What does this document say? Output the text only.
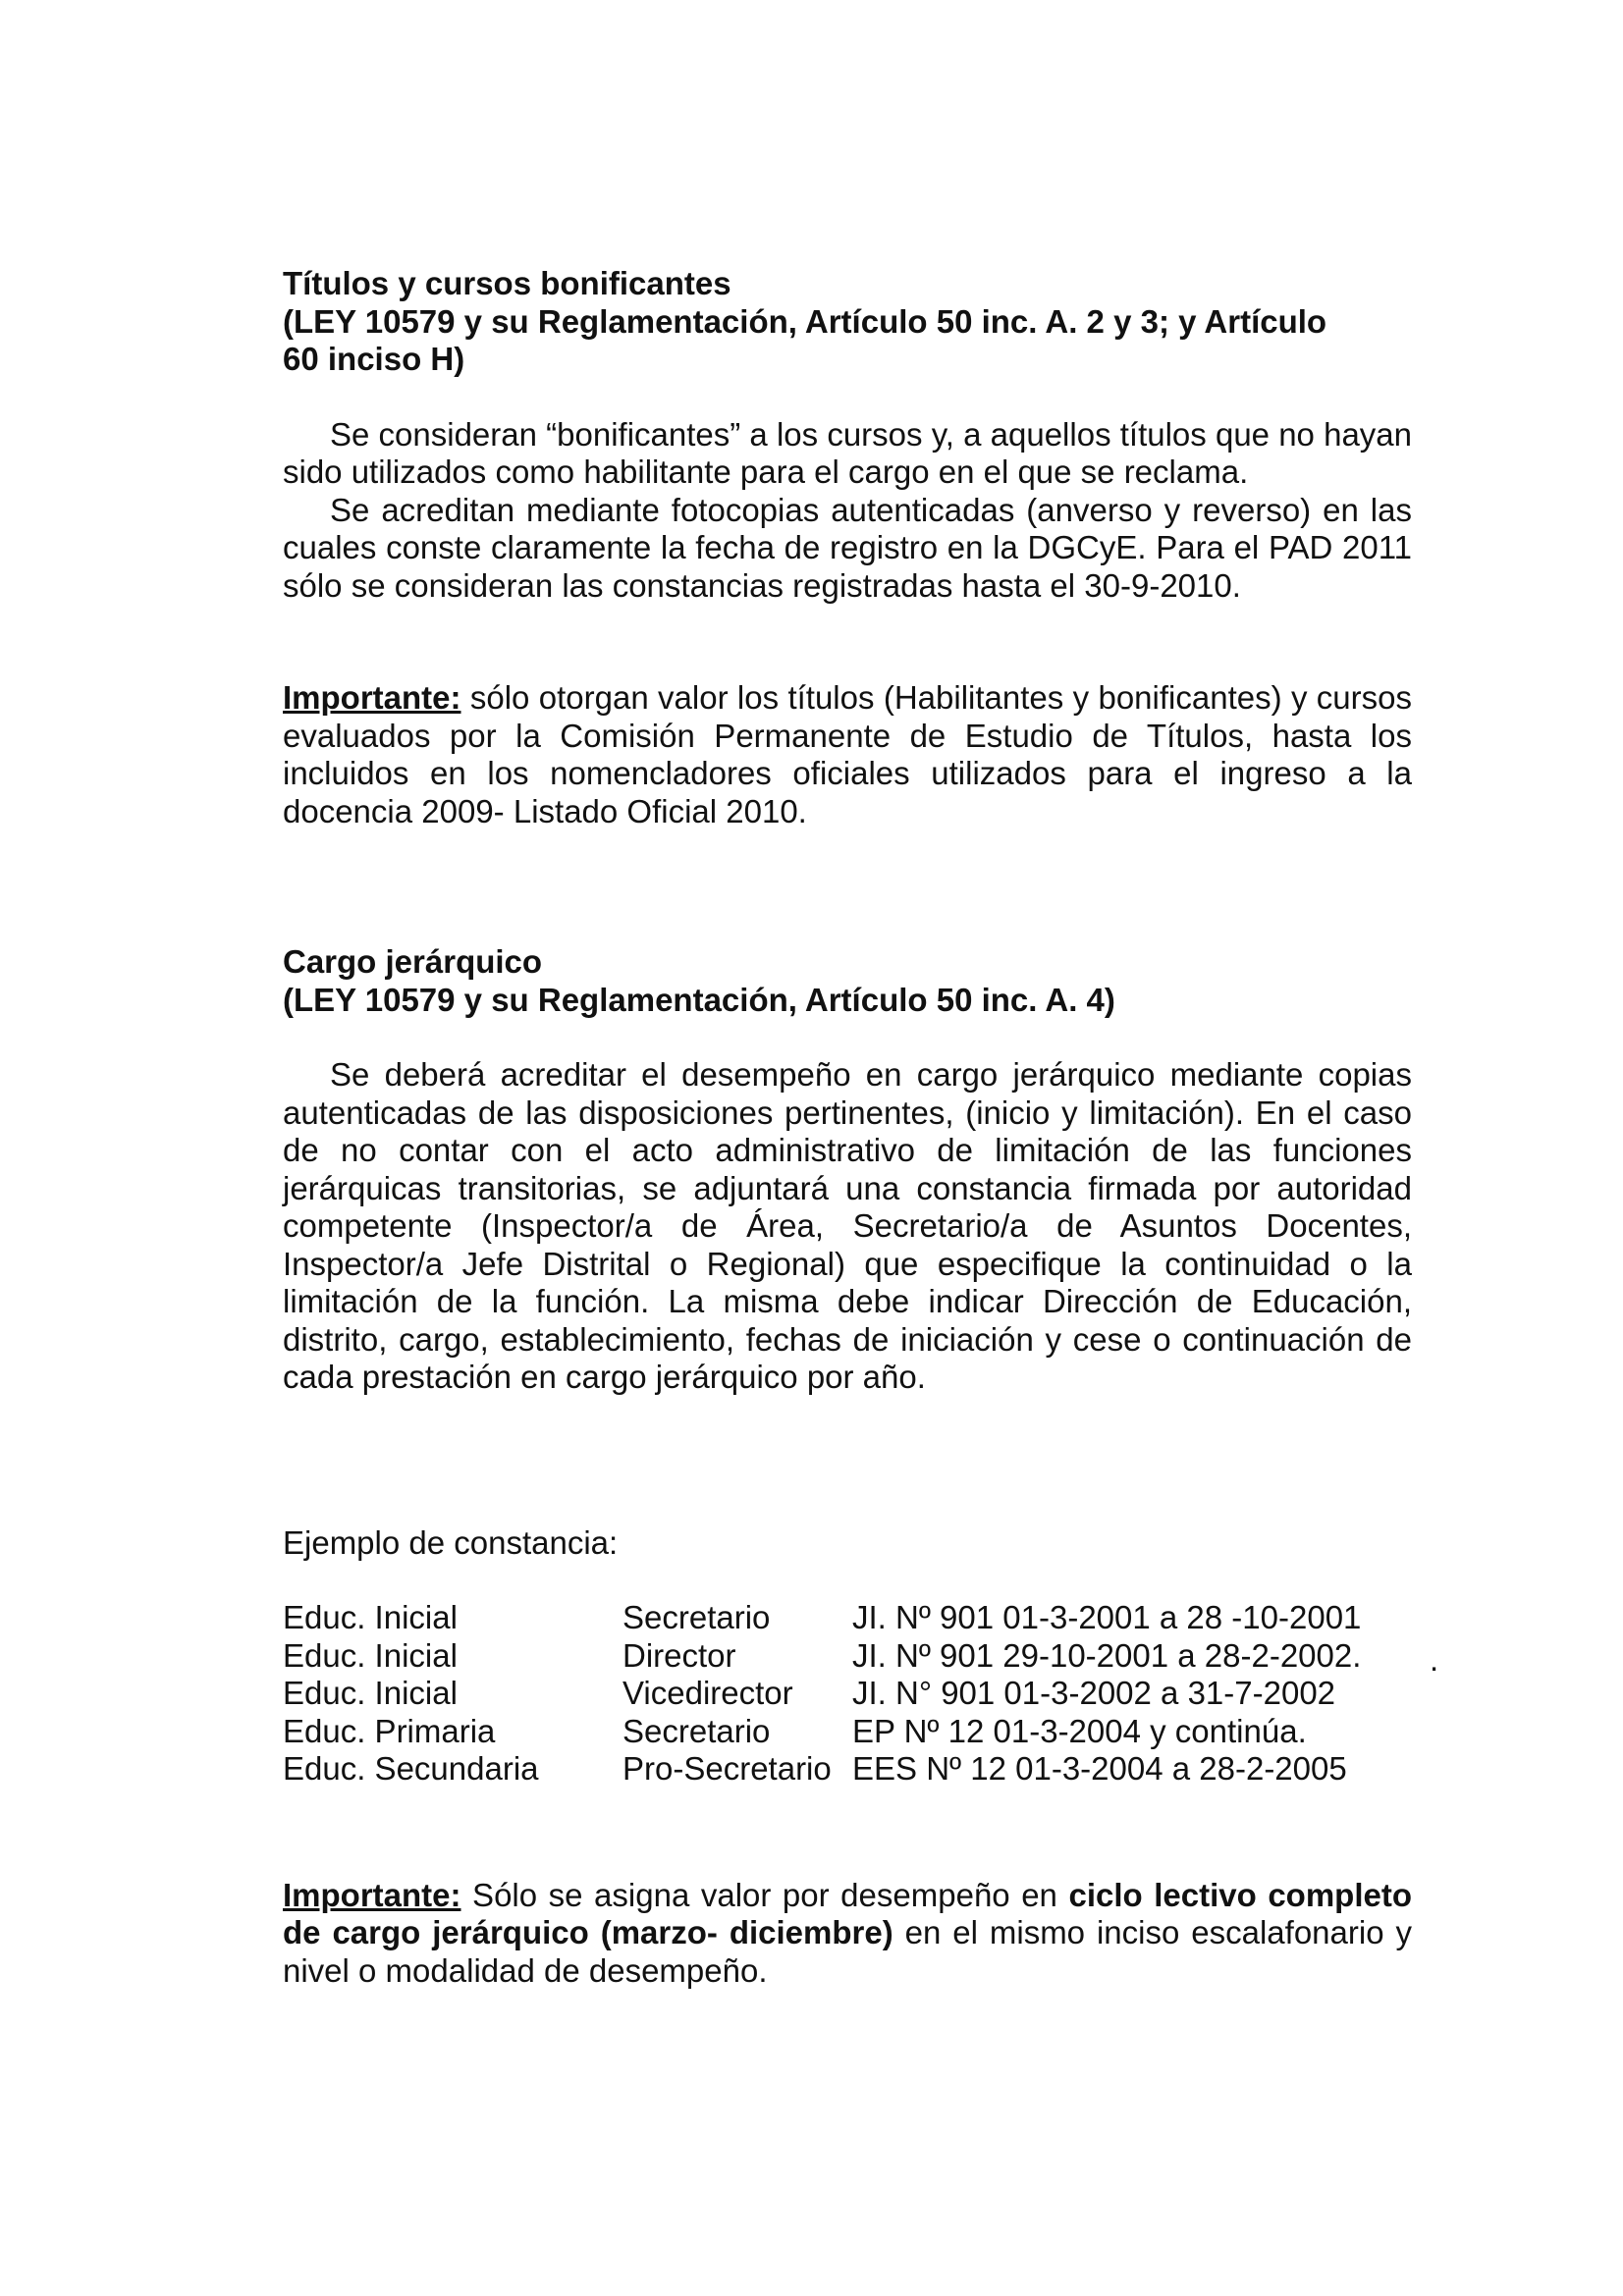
Títulos y cursos bonificantes

(LEY 10579 y su Reglamentación, Artículo 50 inc. A. 2 y 3; y Artículo

60 inciso H)

Se consideran “bonificantes” a los cursos y, a aquellos títulos que no hayan sido utilizados como habilitante para el cargo en el que se reclama.

Se acreditan mediante fotocopias autenticadas (anverso y reverso) en las cuales conste claramente la fecha de registro en la DGCyE. Para el PAD 2011 sólo se consideran las constancias registradas hasta el 30-9-2010.

Importante: sólo otorgan valor los títulos (Habilitantes y bonificantes) y cursos evaluados por la Comisión Permanente de Estudio de Títulos, hasta los incluidos en los nomencladores oficiales utilizados para el ingreso a la docencia 2009- Listado Oficial 2010.

Cargo jerárquico

(LEY 10579 y su Reglamentación, Artículo 50 inc. A. 4)

Se deberá acreditar el desempeño en cargo jerárquico mediante copias autenticadas de las disposiciones pertinentes, (inicio y limitación). En el caso de no contar con el acto administrativo de limitación de las funciones jerárquicas transitorias, se adjuntará una constancia firmada por autoridad competente (Inspector/a de Área, Secretario/a de Asuntos Docentes, Inspector/a Jefe Distrital o Regional) que especifique la continuidad o la limitación de la función. La misma debe indicar Dirección de Educación, distrito, cargo, establecimiento, fechas de iniciación y cese o continuación de cada prestación en cargo jerárquico por año.

Ejemplo de constancia:

Educ. Inicial	Secretario	JI. Nº 901 01-3-2001 a 28 -10-2001
Educ. Inicial	Director	JI. Nº 901 29-10-2001 a 28-2-2002.
Educ. Inicial	Vicedirector	JI. N° 901 01-3-2002 a 31-7-2002
Educ. Primaria	Secretario	EP Nº 12 01-3-2004 y continúa.
Educ. Secundaria	Pro-Secretario	EES Nº 12 01-3-2004 a 28-2-2005

Importante: Sólo se asigna valor por desempeño en ciclo lectivo completo de cargo jerárquico (marzo- diciembre) en el mismo inciso escalafonario y nivel o modalidad de desempeño.

.
